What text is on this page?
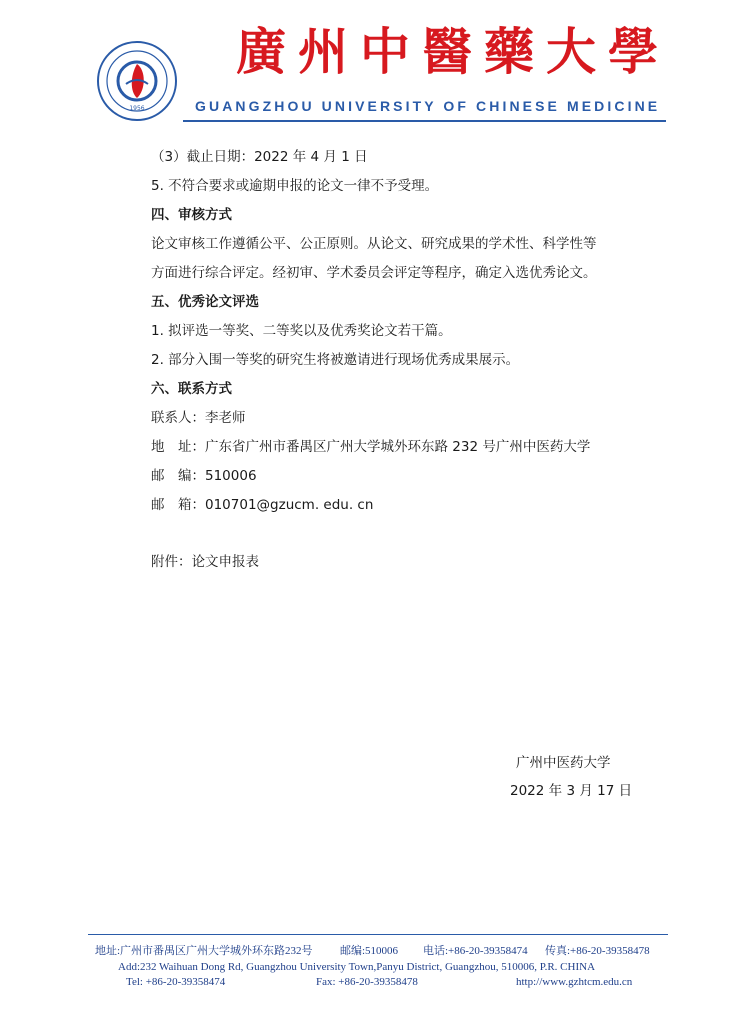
1956
廣州中醫藥大學
GUANGZHOU UNIVERSITY OF CHINESE MEDICINE
（3）截止日期：2022 年 4 月 1 日
5. 不符合要求或逾期申报的论文一律不予受理。
四、审核方式
论文审核工作遵循公平、公正原则。从论文、研究成果的学术性、科学性等
方面进行综合评定。经初审、学术委员会评定等程序，确定入选优秀论文。
五、优秀论文评选
1. 拟评选一等奖、二等奖以及优秀奖论文若干篇。
2. 部分入围一等奖的研究生将被邀请进行现场优秀成果展示。
六、联系方式
联系人：李老师
地　址：广东省广州市番禺区广州大学城外环东路 232 号广州中医药大学
邮　编：510006
邮　箱：010701@gzucm. edu. cn
附件：论文申报表
广州中医药大学
2022 年 3 月 17 日
地址:广州市番禺区广州大学城外环东路232号 邮编:510006 电话:+86-20-39358474 传真:+86-20-39358478
Add:232 Waihuan Dong Rd, Guangzhou University Town,Panyu District, Guangzhou, 510006, P.R. CHINA
Tel: +86-20-39358474	Fax: +86-20-39358478	http://www.gzhtcm.edu.cn
